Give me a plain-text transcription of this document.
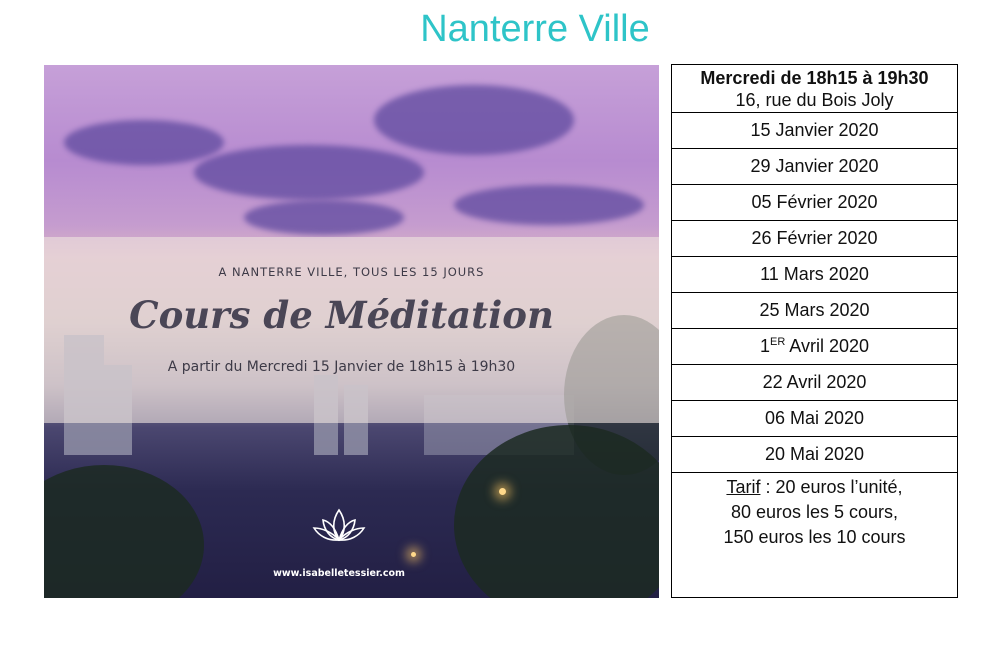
Nanterre Ville
A NANTERRE VILLE, TOUS LES 15 JOURS
Cours de Méditation
A partir du Mercredi 15 Janvier de 18h15 à 19h30
www.isabelletessier.com
Mercredi de 18h15 à 19h30
16, rue du Bois Joly
15 Janvier 2020
29 Janvier 2020
05 Février 2020
26 Février 2020
11 Mars 2020
25 Mars 2020
1ER Avril 2020
22 Avril 2020
06 Mai 2020
20 Mai 2020
Tarif : 20 euros l’unité,
80 euros les 5 cours,
150 euros les 10 cours
